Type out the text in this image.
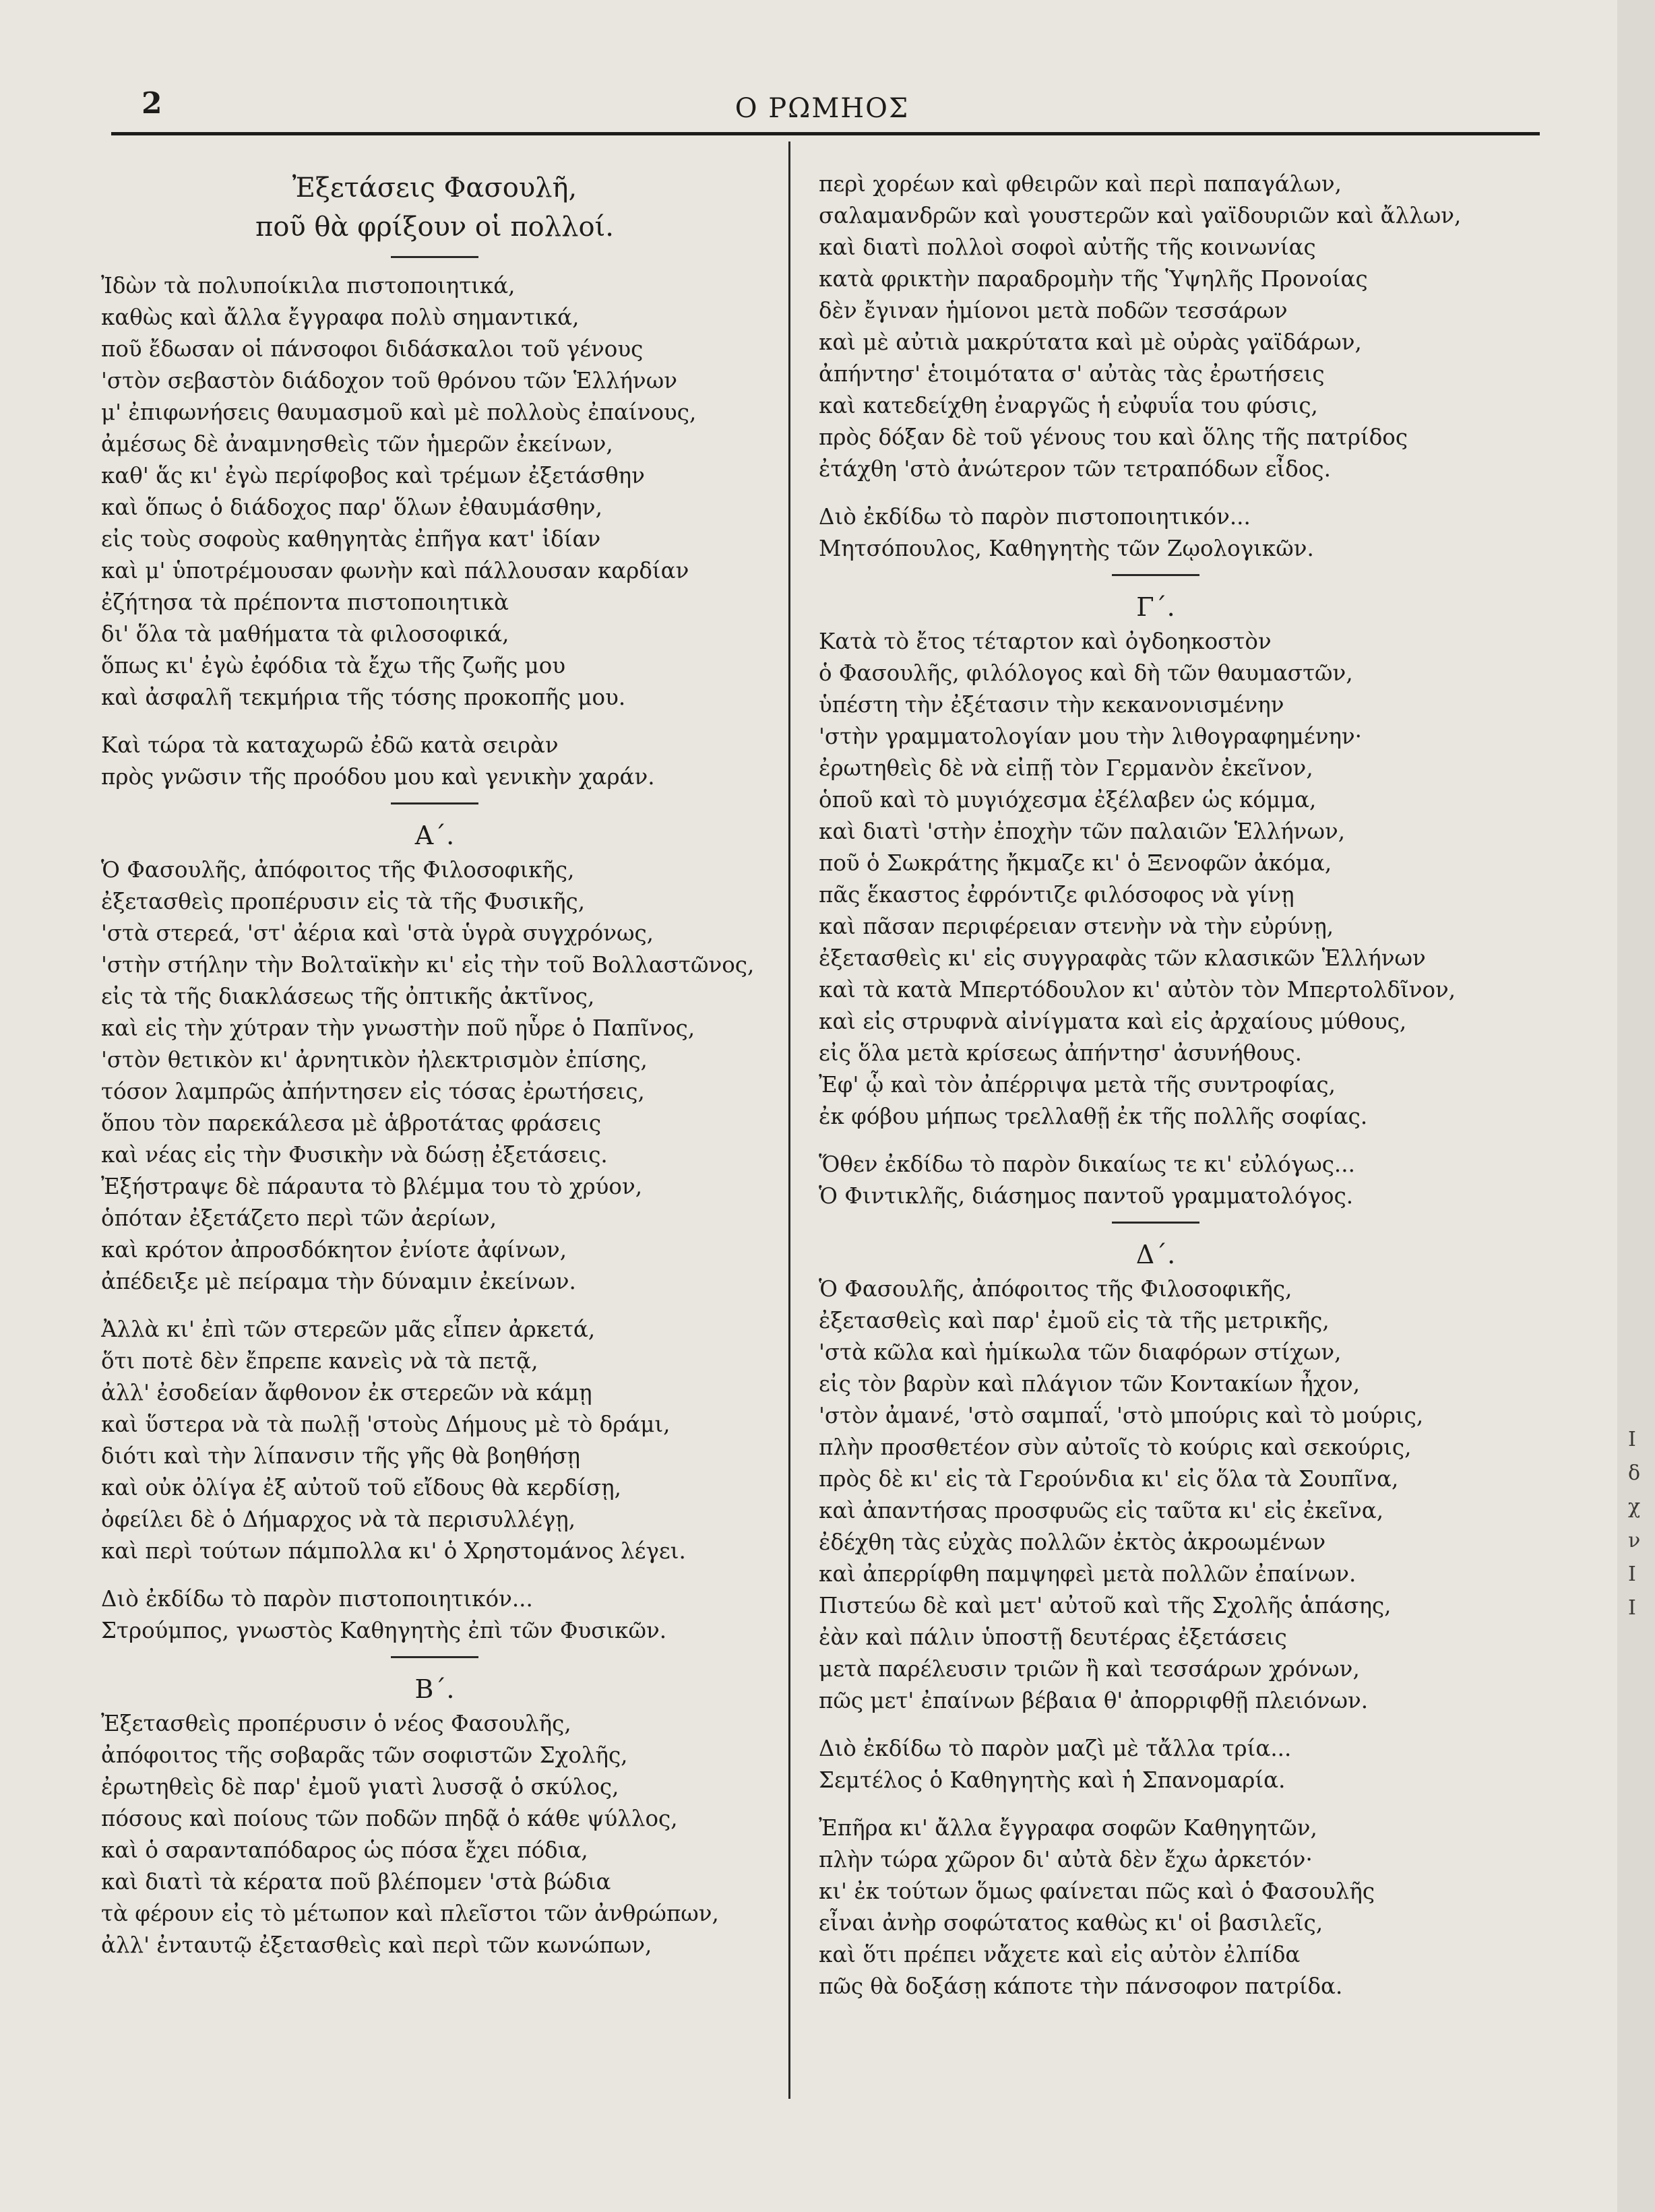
2	Ο ΡΩΜΗΟΣ
Ἐξετάσεις Φασουλῆ,
ποῦ θὰ φρίξουν οἱ πολλοί.
Ἰδὼν τὰ πολυποίκιλα πιστοποιητικά,
καθὼς καὶ ἄλλα ἔγγραφα πολὺ σημαντικά,
ποῦ ἔδωσαν οἱ πάνσοφοι διδάσκαλοι τοῦ γένους
'στὸν σεβαστὸν διάδοχον τοῦ θρόνου τῶν Ἑλλήνων
μ' ἐπιφωνήσεις θαυμασμοῦ καὶ μὲ πολλοὺς ἐπαίνους,
ἀμέσως δὲ ἀναμνησθεὶς τῶν ἡμερῶν ἐκείνων,
καθ' ἅς κι' ἐγὼ περίφοβος καὶ τρέμων ἐξετάσθην
καὶ ὅπως ὁ διάδοχος παρ' ὅλων ἐθαυμάσθην,
εἰς τοὺς σοφοὺς καθηγητὰς ἐπῆγα κατ' ἰδίαν
καὶ μ' ὑποτρέμουσαν φωνὴν καὶ πάλλουσαν καρδίαν
ἐζήτησα τὰ πρέποντα πιστοποιητικὰ
δι' ὅλα τὰ μαθήματα τὰ φιλοσοφικά,
ὅπως κι' ἐγὼ ἐφόδια τὰ ἔχω τῆς ζωῆς μου
καὶ ἀσφαλῆ τεκμήρια τῆς τόσης προκοπῆς μου.
Καὶ τώρα τὰ καταχωρῶ ἐδῶ κατὰ σειρὰν
πρὸς γνῶσιν τῆς προόδου μου καὶ γενικὴν χαράν.
Α΄.
Ὁ Φασουλῆς, ἀπόφοιτος τῆς Φιλοσοφικῆς,
ἐξετασθεὶς προπέρυσιν εἰς τὰ τῆς Φυσικῆς,
'στὰ στερεά, 'στ' ἀέρια καὶ 'στὰ ὑγρὰ συγχρόνως,
'στὴν στήλην τὴν Βολταϊκὴν κι' εἰς τὴν τοῦ Βολλαστῶνος,
εἰς τὰ τῆς διακλάσεως τῆς ὀπτικῆς ἀκτῖνος,
καὶ εἰς τὴν χύτραν τὴν γνωστὴν ποῦ ηὗρε ὁ Παπῖνος,
'στὸν θετικὸν κι' ἀρνητικὸν ἠλεκτρισμὸν ἐπίσης,
τόσον λαμπρῶς ἀπήντησεν εἰς τόσας ἐρωτήσεις,
ὅπου τὸν παρεκάλεσα μὲ ἁβροτάτας φράσεις
καὶ νέας εἰς τὴν Φυσικὴν νὰ δώσῃ ἐξετάσεις.
Ἐξήστραψε δὲ πάραυτα τὸ βλέμμα του τὸ χρύον,
ὁπόταν ἐξετάζετο περὶ τῶν ἀερίων,
καὶ κρότον ἀπροσδόκητον ἐνίοτε ἀφίνων,
ἀπέδειξε μὲ πείραμα τὴν δύναμιν ἐκείνων.
Ἀλλὰ κι' ἐπὶ τῶν στερεῶν μᾶς εἶπεν ἀρκετά,
ὅτι ποτὲ δὲν ἔπρεπε κανεὶς νὰ τὰ πετᾷ,
ἀλλ' ἐσοδείαν ἄφθονον ἐκ στερεῶν νὰ κάμῃ
καὶ ὕστερα νὰ τὰ πωλῇ 'στοὺς Δήμους μὲ τὸ δράμι,
διότι καὶ τὴν λίπανσιν τῆς γῆς θὰ βοηθήσῃ
καὶ οὐκ ὀλίγα ἐξ αὐτοῦ τοῦ εἴδους θὰ κερδίσῃ,
ὀφείλει δὲ ὁ Δήμαρχος νὰ τὰ περισυλλέγῃ,
καὶ περὶ τούτων πάμπολλα κι' ὁ Χρηστομάνος λέγει.
Διὸ ἐκδίδω τὸ παρὸν πιστοποιητικόν...
Στρούμπος, γνωστὸς Καθηγητὴς ἐπὶ τῶν Φυσικῶν.
Β΄.
Ἐξετασθεὶς προπέρυσιν ὁ νέος Φασουλῆς,
ἀπόφοιτος τῆς σοβαρᾶς τῶν σοφιστῶν Σχολῆς,
ἐρωτηθεὶς δὲ παρ' ἐμοῦ γιατὶ λυσσᾷ ὁ σκύλος,
πόσους καὶ ποίους τῶν ποδῶν πηδᾷ ὁ κάθε ψύλλος,
καὶ ὁ σαρανταπόδαρος ὡς πόσα ἔχει πόδια,
καὶ διατὶ τὰ κέρατα ποῦ βλέπομεν 'στὰ βώδια
τὰ φέρουν εἰς τὸ μέτωπον καὶ πλεῖστοι τῶν ἀνθρώπων,
ἀλλ' ἐνταυτῷ ἐξετασθεὶς καὶ περὶ τῶν κωνώπων,
περὶ χορέων καὶ φθειρῶν καὶ περὶ παπαγάλων,
σαλαμανδρῶν καὶ γουστερῶν καὶ γαϊδουριῶν καὶ ἄλλων,
καὶ διατὶ πολλοὶ σοφοὶ αὐτῆς τῆς κοινωνίας
κατὰ φρικτὴν παραδρομὴν τῆς Ὑψηλῆς Προνοίας
δὲν ἔγιναν ἡμίονοι μετὰ ποδῶν τεσσάρων
καὶ μὲ αὐτιὰ μακρύτατα καὶ μὲ οὐρὰς γαϊδάρων,
ἀπήντησ' ἑτοιμότατα σ' αὐτὰς τὰς ἐρωτήσεις
καὶ κατεδείχθη ἐναργῶς ἡ εὐφυΐα του φύσις,
πρὸς δόξαν δὲ τοῦ γένους του καὶ ὅλης τῆς πατρίδος
ἐτάχθη 'στὸ ἀνώτερον τῶν τετραπόδων εἶδος.
Διὸ ἐκδίδω τὸ παρὸν πιστοποιητικόν...
Μητσόπουλος, Καθηγητὴς τῶν Ζῳολογικῶν.
Γ΄.
Κατὰ τὸ ἔτος τέταρτον καὶ ὀγδοηκοστὸν
ὁ Φασουλῆς, φιλόλογος καὶ δὴ τῶν θαυμαστῶν,
ὑπέστη τὴν ἐξέτασιν τὴν κεκανονισμένην
'στὴν γραμματολογίαν μου τὴν λιθογραφημένην·
ἐρωτηθεὶς δὲ νὰ εἰπῇ τὸν Γερμανὸν ἐκεῖνον,
ὁποῦ καὶ τὸ μυγιόχεσμα ἐξέλαβεν ὡς κόμμα,
καὶ διατὶ 'στὴν ἐποχὴν τῶν παλαιῶν Ἑλλήνων,
ποῦ ὁ Σωκράτης ἤκμαζε κι' ὁ Ξενοφῶν ἀκόμα,
πᾶς ἕκαστος ἐφρόντιζε φιλόσοφος νὰ γίνῃ
καὶ πᾶσαν περιφέρειαν στενὴν νὰ τὴν εὐρύνῃ,
ἐξετασθεὶς κι' εἰς συγγραφὰς τῶν κλασικῶν Ἑλλήνων
καὶ τὰ κατὰ Μπερτόδουλον κι' αὐτὸν τὸν Μπερτολδῖνον,
καὶ εἰς στρυφνὰ αἰνίγματα καὶ εἰς ἀρχαίους μύθους,
εἰς ὅλα μετὰ κρίσεως ἀπήντησ' ἀσυνήθους.
Ἐφ' ᾧ καὶ τὸν ἀπέρριψα μετὰ τῆς συντροφίας,
ἐκ φόβου μήπως τρελλαθῇ ἐκ τῆς πολλῆς σοφίας.
Ὅθεν ἐκδίδω τὸ παρὸν δικαίως τε κι' εὐλόγως...
Ὁ Φιντικλῆς, διάσημος παντοῦ γραμματολόγος.
Δ΄.
Ὁ Φασουλῆς, ἀπόφοιτος τῆς Φιλοσοφικῆς,
ἐξετασθεὶς καὶ παρ' ἐμοῦ εἰς τὰ τῆς μετρικῆς,
'στὰ κῶλα καὶ ἡμίκωλα τῶν διαφόρων στίχων,
εἰς τὸν βαρὺν καὶ πλάγιον τῶν Κοντακίων ἦχον,
'στὸν ἀμανέ, 'στὸ σαμπαΐ, 'στὸ μπούρις καὶ τὸ μούρις,
πλὴν προσθετέον σὺν αὐτοῖς τὸ κούρις καὶ σεκούρις,
πρὸς δὲ κι' εἰς τὰ Γερούνδια κι' εἰς ὅλα τὰ Σουπῖνα,
καὶ ἀπαντήσας προσφυῶς εἰς ταῦτα κι' εἰς ἐκεῖνα,
ἐδέχθη τὰς εὐχὰς πολλῶν ἐκτὸς ἀκροωμένων
καὶ ἀπερρίφθη παμψηφεὶ μετὰ πολλῶν ἐπαίνων.
Πιστεύω δὲ καὶ μετ' αὐτοῦ καὶ τῆς Σχολῆς ἁπάσης,
ἐὰν καὶ πάλιν ὑποστῇ δευτέρας ἐξετάσεις
μετὰ παρέλευσιν τριῶν ἢ καὶ τεσσάρων χρόνων,
πῶς μετ' ἐπαίνων βέβαια θ' ἀπορριφθῇ πλειόνων.
Διὸ ἐκδίδω τὸ παρὸν μαζὶ μὲ τἄλλα τρία...
Σεμτέλος ὁ Καθηγητὴς καὶ ἡ Σπανομαρία.
Ἐπῆρα κι' ἄλλα ἔγγραφα σοφῶν Καθηγητῶν,
πλὴν τώρα χῶρον δι' αὐτὰ δὲν ἔχω ἀρκετόν·
κι' ἐκ τούτων ὅμως φαίνεται πῶς καὶ ὁ Φασουλῆς
εἶναι ἀνὴρ σοφώτατος καθὼς κι' οἱ βασιλεῖς,
καὶ ὅτι πρέπει νἄχετε καὶ εἰς αὐτὸν ἐλπίδα
πῶς θὰ δοξάσῃ κάποτε τὴν πάνσοφον πατρίδα.
Ι
δ
χ
ν
Ι
Ι
